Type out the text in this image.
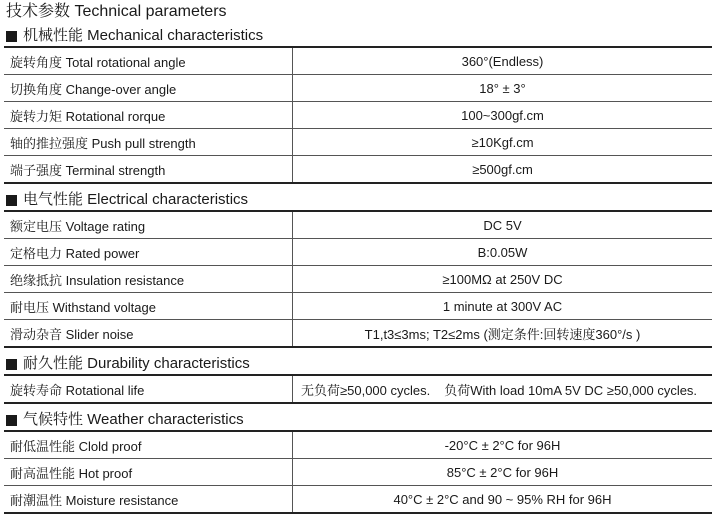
技术参数 Technical parameters
机械性能 Mechanical characteristics
旋转角度 Total rotational angle	360°(Endless)
切换角度 Change-over angle	18° ± 3°
旋转力矩 Rotational rorque	100~300gf.cm
轴的推拉强度 Push pull strength	≥10Kgf.cm
端子强度 Terminal strength	≥500gf.cm
电气性能 Electrical characteristics
额定电压 Voltage rating	DC 5V
定格电力 Rated power	B:0.05W
绝缘抵抗 Insulation resistance	≥100MΩ at 250V DC
耐电压 Withstand voltage	1 minute at 300V AC
滑动杂音 Slider noise	T1,t3≤3ms; T2≤2ms (测定条件:回转速度360°/s )
耐久性能 Durability characteristics
旋转寿命 Rotational life	无负荷≥50,000 cycles. 负荷With load 10mA 5V DC ≥50,000 cycles.
气候特性 Weather characteristics
耐低温性能 Clold proof	-20°C ± 2°C for 96H
耐高温性能 Hot proof	85°C ± 2°C for 96H
耐潮温性 Moisture resistance	40°C ± 2°C and 90 ~ 95% RH for 96H
